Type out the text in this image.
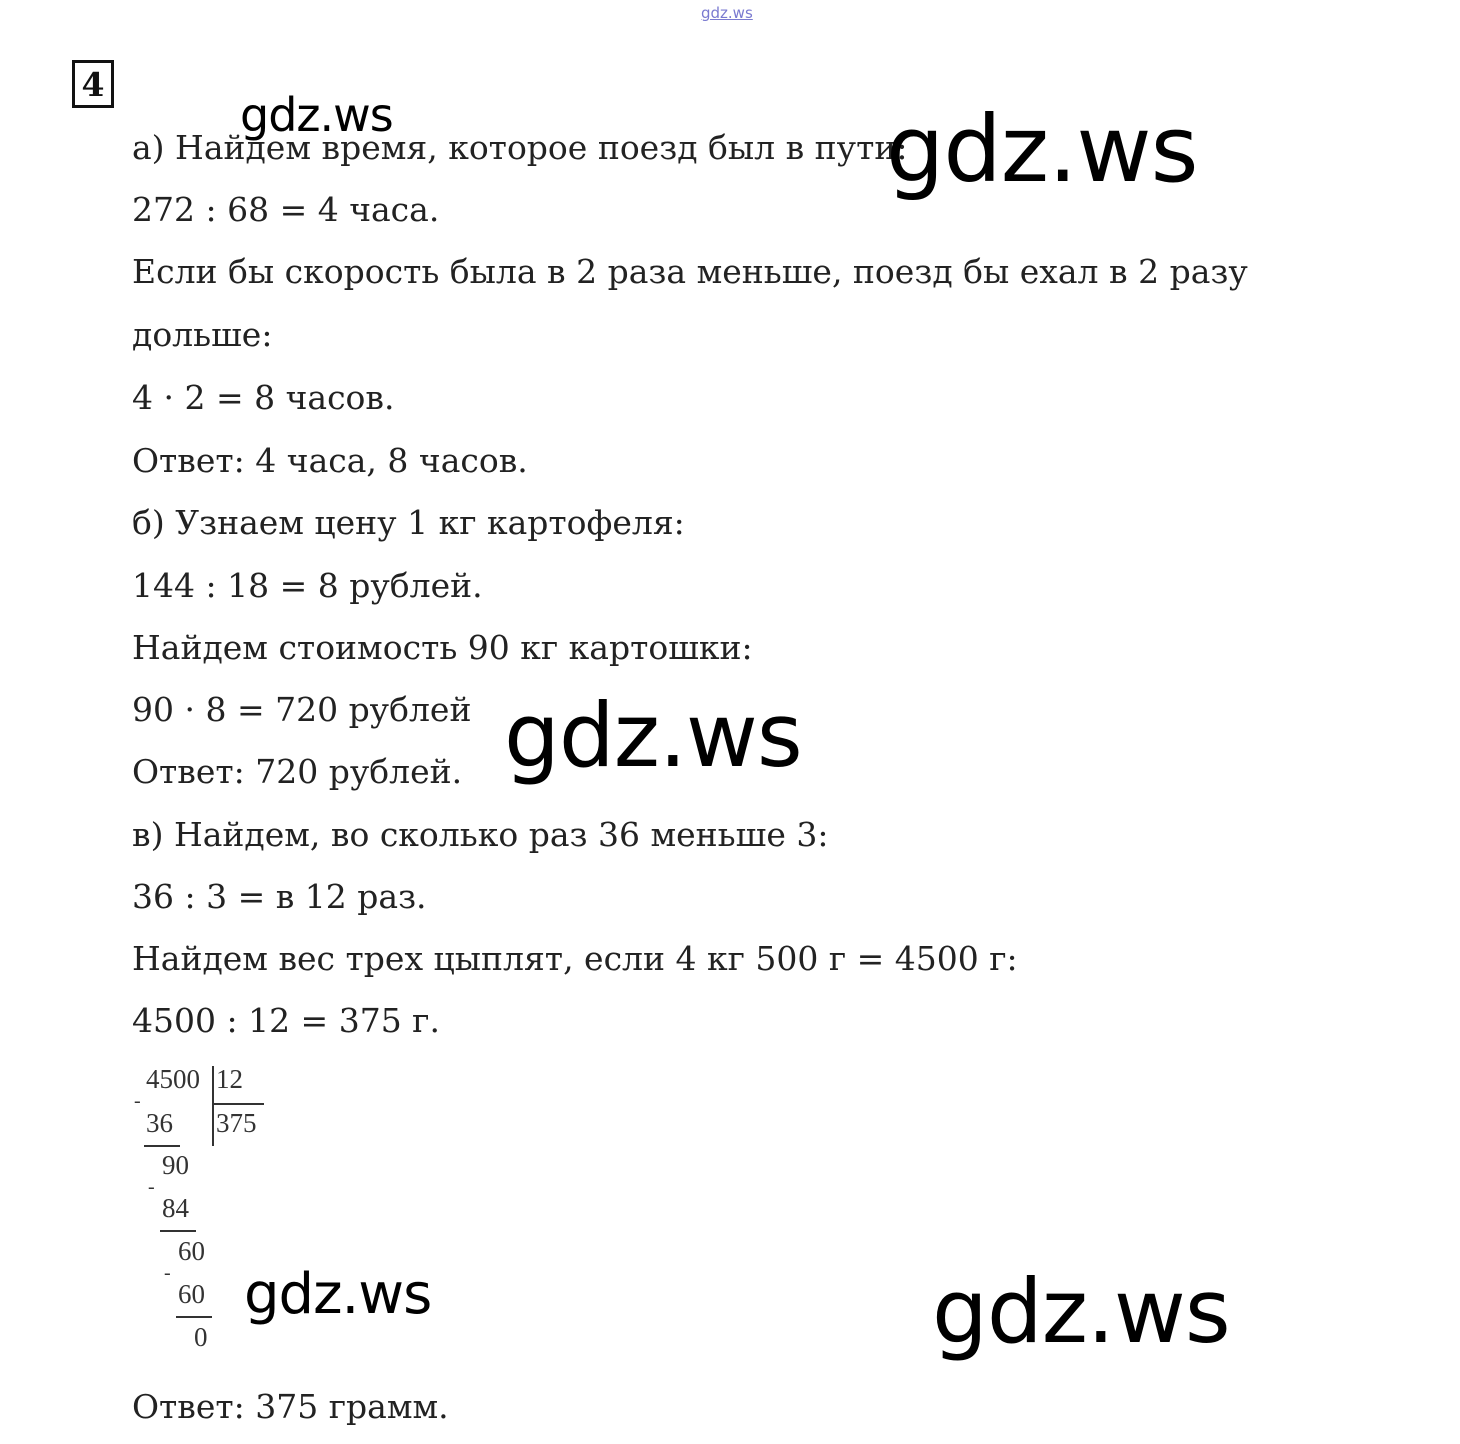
gdz.ws
4
а) Найдем время, которое поезд был в пути:
272 : 68 = 4 часа.
Если бы скорость была в 2 раза меньше, поезд бы ехал в 2 разу
дольше:
4 · 2 = 8 часов.
Ответ: 4 часа, 8 часов.
б) Узнаем цену 1 кг картофеля:
144 : 18 = 8 рублей.
Найдем стоимость 90 кг картошки:
90 · 8 = 720 рублей
Ответ: 720 рублей.
в) Найдем, во сколько раз 36 меньше 3:
36 : 3 = в 12 раз.
Найдем вес трех цыплят, если 4 кг 500 г = 4500 г:
4500 : 12 = 375 г.
Ответ: 375 грамм.
4500 12
375
-
36
90
-
84
60
-
60
0
gdz.ws	gdz.ws
gdz.ws
gdz.ws	gdz.ws
